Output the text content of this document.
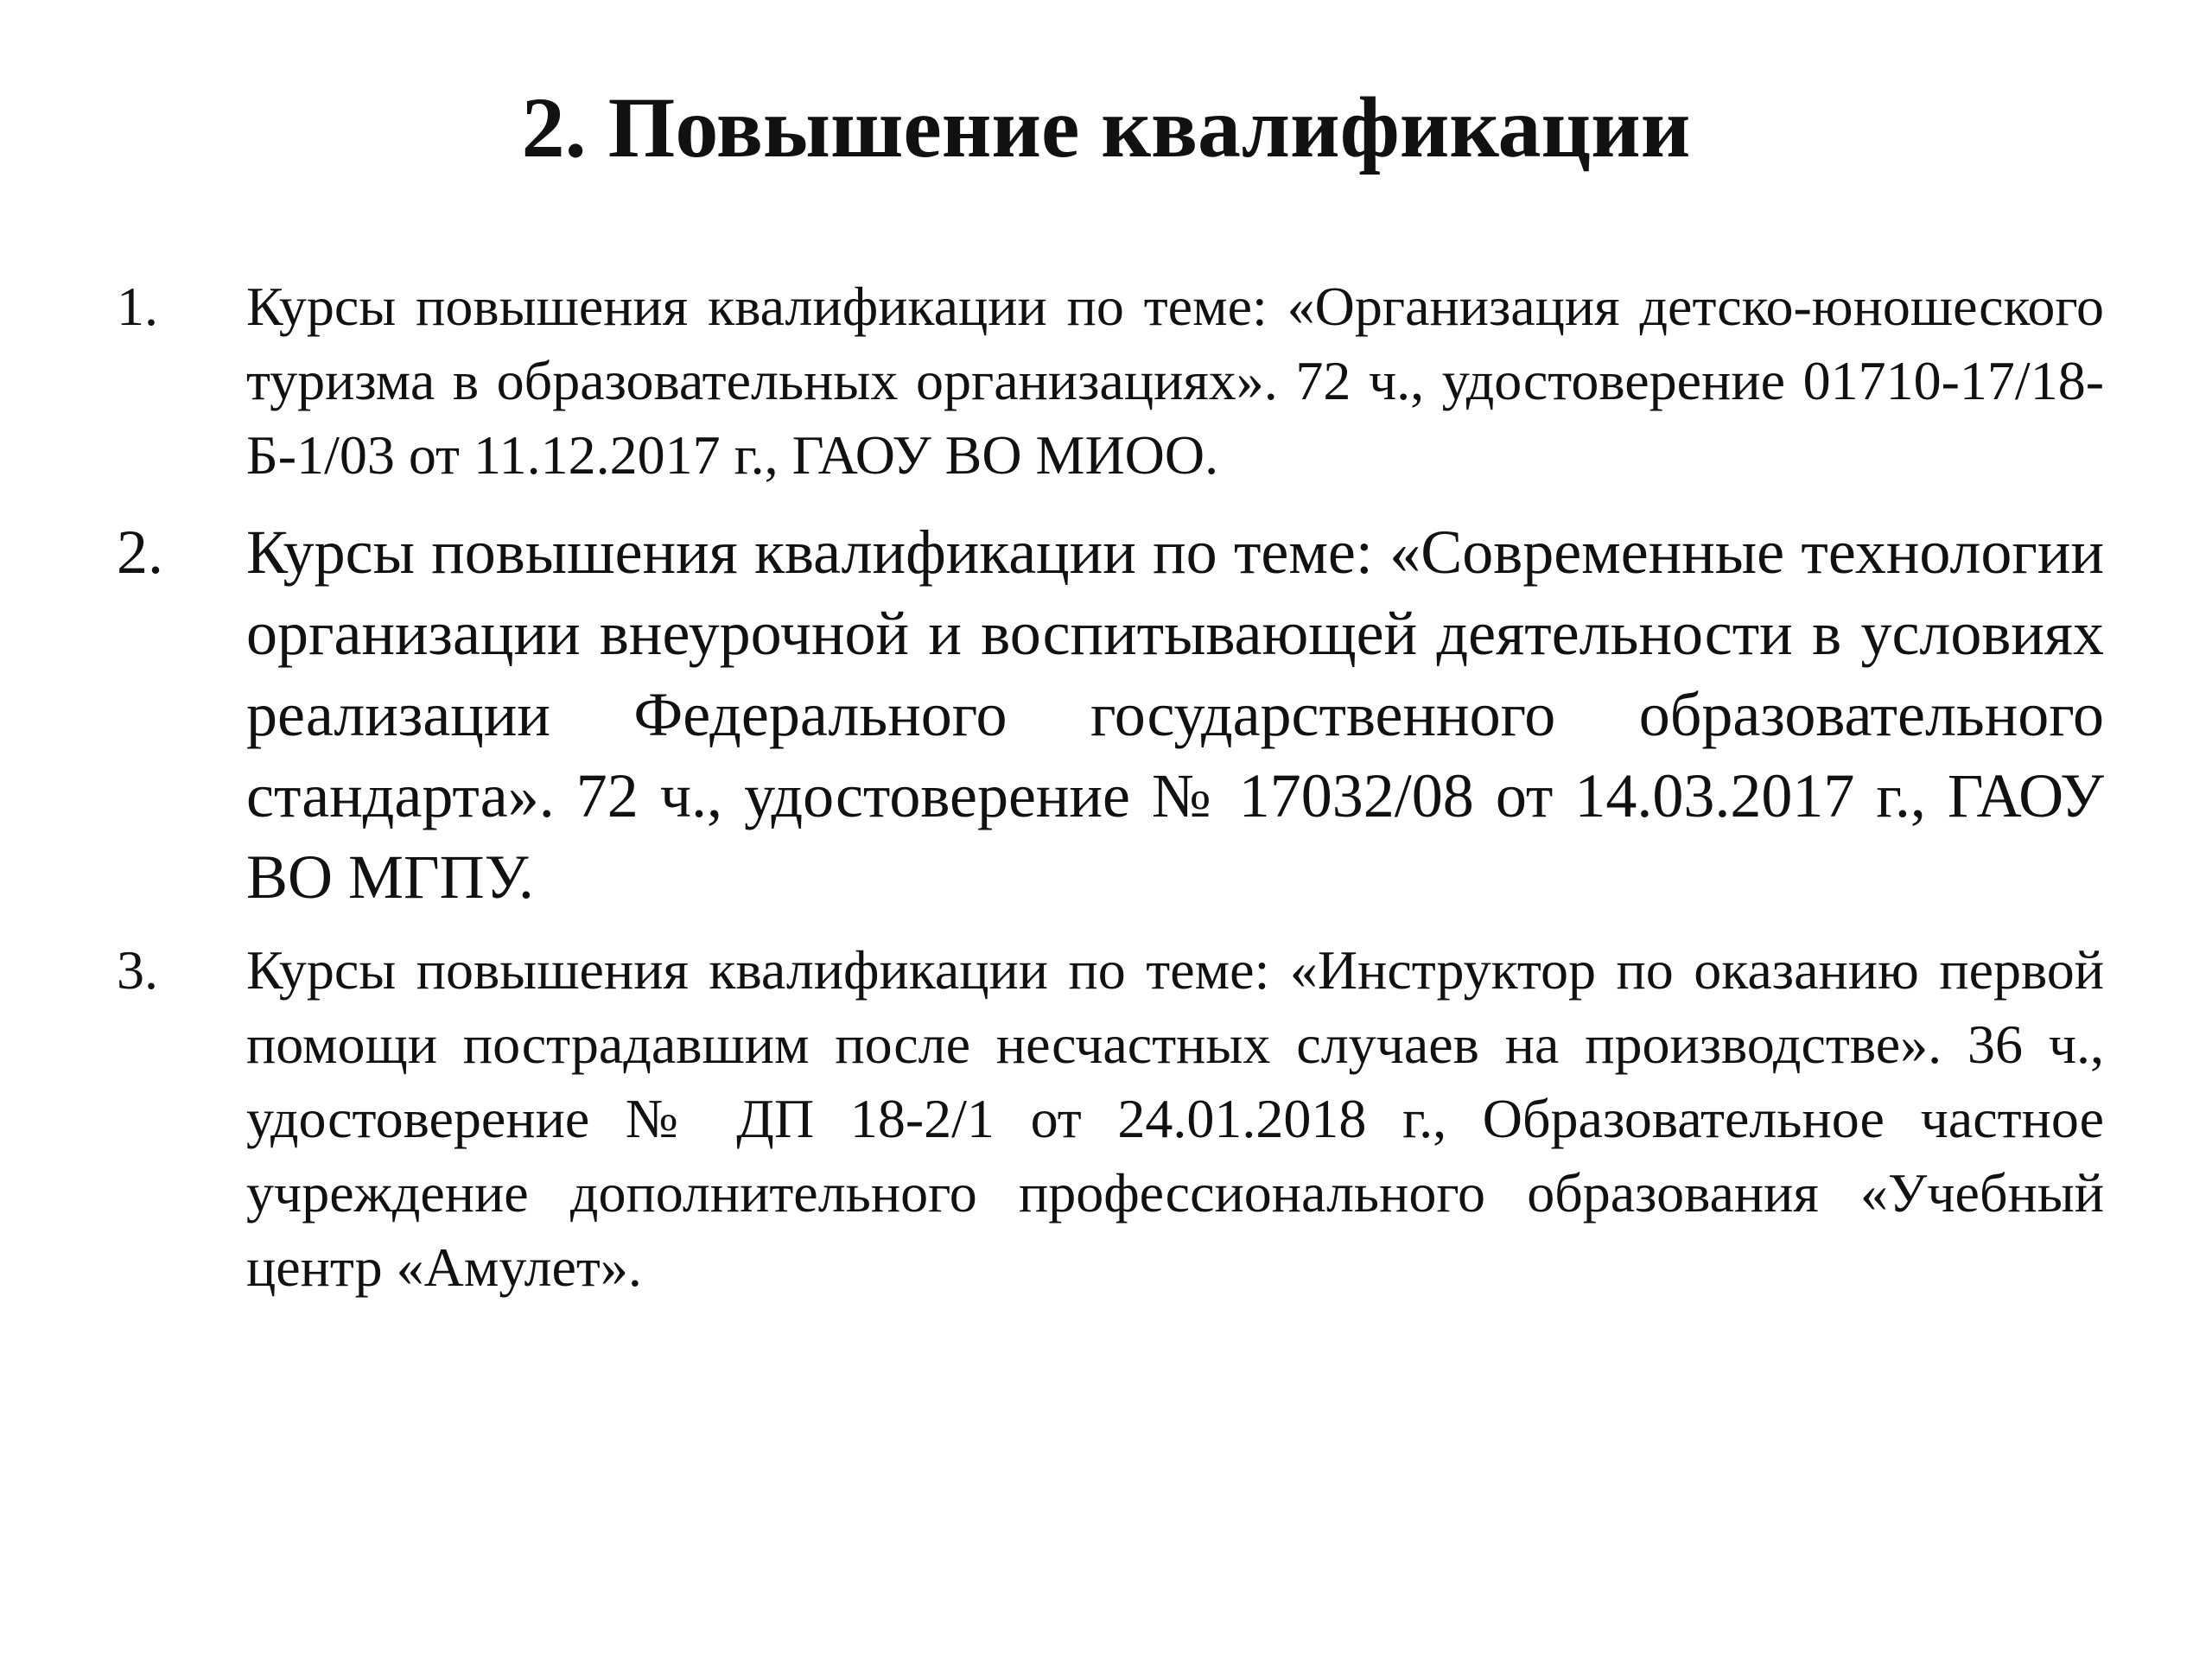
2. Повышение квалификации
1. Курсы повышения квалификации по теме: «Организация детско-юношеского туризма в образовательных организациях». 72 ч., удостоверение 01710-17/18-Б-1/03 от 11.12.2017 г., ГАОУ ВО МИОО.
2. Курсы повышения квалификации по теме: «Современные технологии организации внеурочной и воспитывающей деятельности в условиях реализации Федерального государственного образовательного стандарта». 72 ч., удостоверение № 17032/08 от 14.03.2017 г., ГАОУ ВО МГПУ.
3. Курсы повышения квалификации по теме: «Инструктор по оказанию первой помощи пострадавшим после несчастных случаев на производстве». 36 ч., удостоверение № ДП 18-2/1 от 24.01.2018 г., Образовательное частное учреждение дополнительного профессионального образования «Учебный центр «Амулет».
